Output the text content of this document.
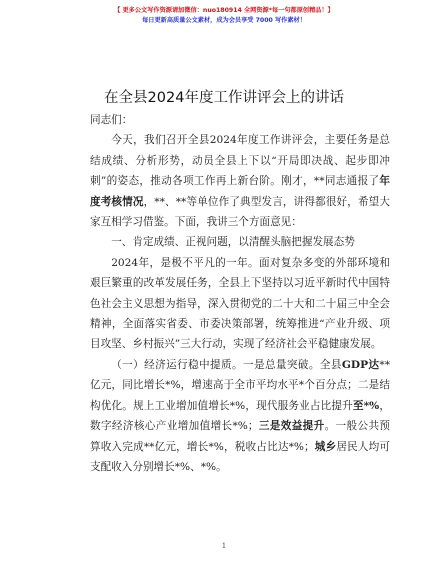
【 更多公文写作资源请加微信：nuo180914 全网资源*每一句都原创精品！】
每日更新高质量公文素材，成为会员享受 7000 写作素材！
在全县2024年度工作讲评会上的讲话

同志们：

今天，我们召开全县2024年度工作讲评会，主要任务是总结成绩、分析形势，动员全县上下以“开局即决战、起步即冲刺”的姿态，推动各项工作再上新台阶。刚才，**同志通报了年度考核情况，**、**等单位作了典型发言，讲得都很好，希望大家互相学习借鉴。下面，我讲三个方面意见：

一、肯定成绩、正视问题，以清醒头脑把握发展态势

2024年，是极不平凡的一年。面对复杂多变的外部环境和艰巨繁重的改革发展任务，全县上下坚持以习近平新时代中国特色社会主义思想为指导，深入贯彻党的二十大和二十届三中全会精神，全面落实省委、市委决策部署，统筹推进“产业升级、项目攻坚、乡村振兴”三大行动，实现了经济社会平稳健康发展。

（一）经济运行稳中提质。一是总量突破。全县GDP达**亿元，同比增长*%，增速高于全市平均水平*个百分点；二是结构优化。规上工业增加值增长*%，现代服务业占比提升至*%，数字经济核心产业增加值增长*%；三是效益提升。一般公共预算收入完成**亿元，增长*%，税收占比达*%；城乡居民人均可支配收入分别增长*%、*%。

1
